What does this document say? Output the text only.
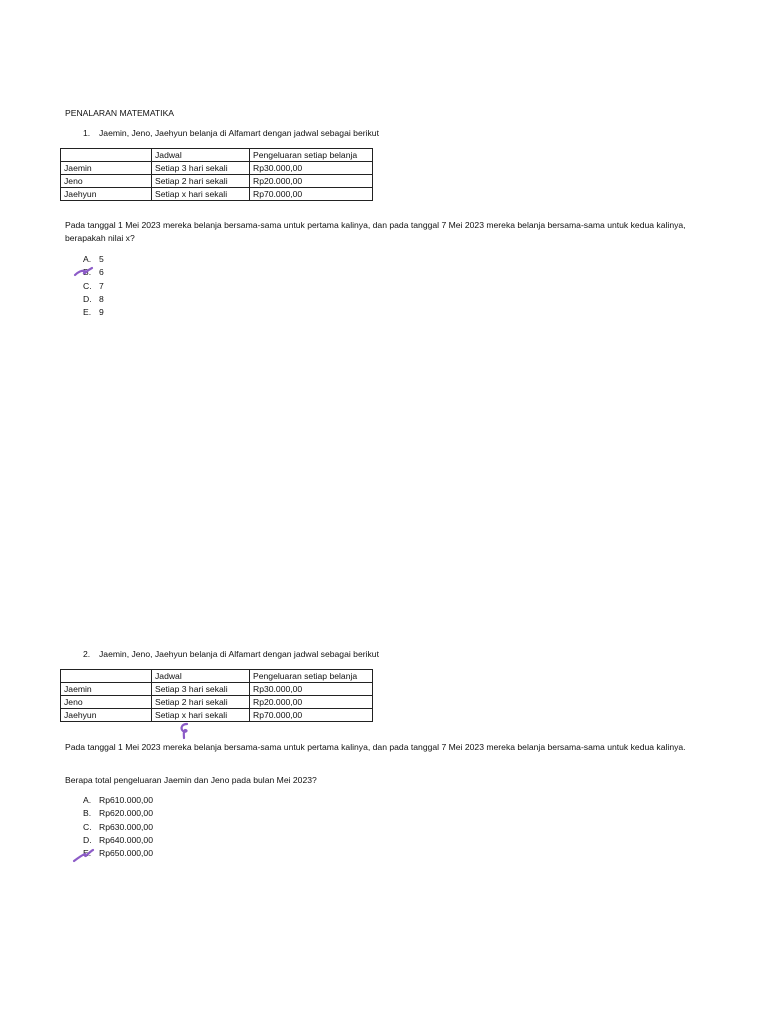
PENALARAN MATEMATIKA
1. Jaemin, Jeno, Jaehyun belanja di Alfamart dengan jadwal sebagai berikut
	Jadwal	Pengeluaran setiap belanja
Jaemin	Setiap 3 hari sekali	Rp30.000,00
Jeno	Setiap 2 hari sekali	Rp20.000,00
Jaehyun	Setiap x hari sekali	Rp70.000,00
Pada tanggal 1 Mei 2023 mereka belanja bersama-sama untuk pertama kalinya, dan pada tanggal 7 Mei 2023 mereka belanja bersama-sama untuk kedua kalinya, berapakah nilai x?
A. 5
B. 6
C. 7
D. 8
E. 9
2. Jaemin, Jeno, Jaehyun belanja di Alfamart dengan jadwal sebagai berikut
	Jadwal	Pengeluaran setiap belanja
Jaemin	Setiap 3 hari sekali	Rp30.000,00
Jeno	Setiap 2 hari sekali	Rp20.000,00
Jaehyun	Setiap x hari sekali	Rp70.000,00
Pada tanggal 1 Mei 2023 mereka belanja bersama-sama untuk pertama kalinya, dan pada tanggal 7 Mei 2023 mereka belanja bersama-sama untuk kedua kalinya.
Berapa total pengeluaran Jaemin dan Jeno pada bulan Mei 2023?
A. Rp610.000,00
B. Rp620.000,00
C. Rp630.000,00
D. Rp640.000,00
E. Rp650.000,00
